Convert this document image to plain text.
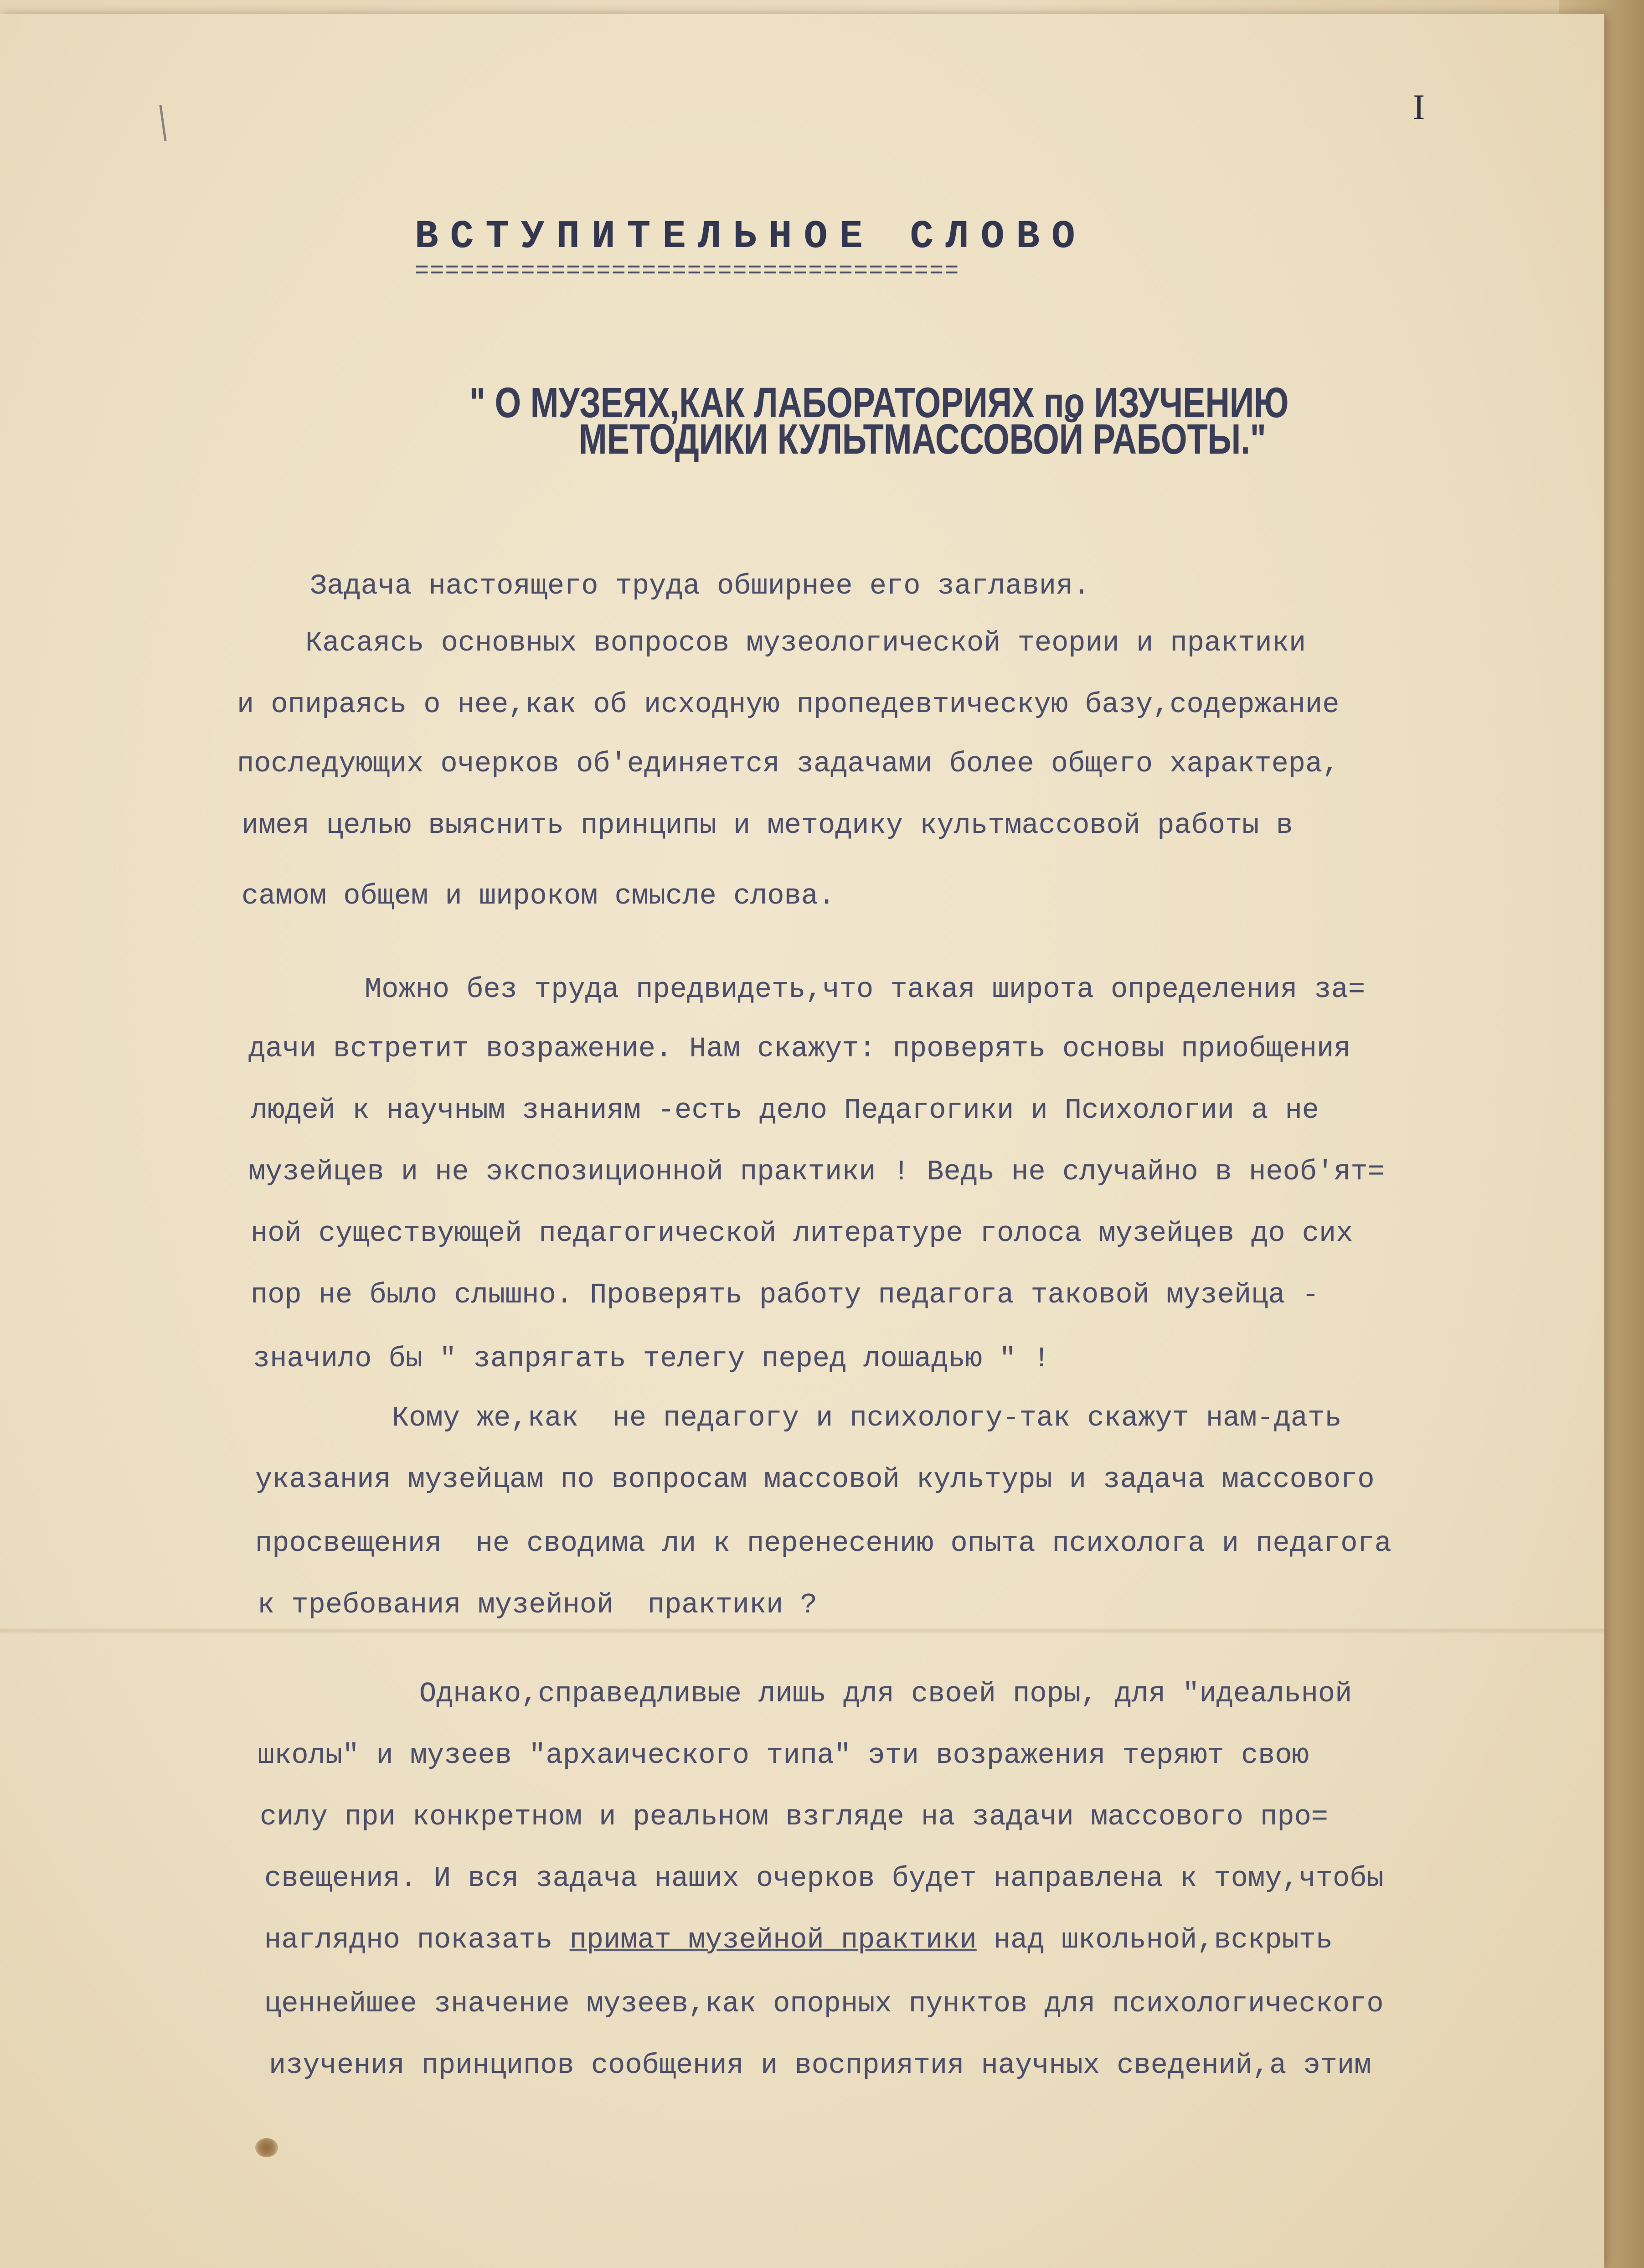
I
ВСТУПИТЕЛЬНОЕ СЛОВО
====================================
" О МУЗЕЯХ,КАК ЛАБОРАТОРИЯХ по ИЗУЧЕНИЮ
МЕТОДИКИ КУЛЬТМАССОВОЙ РАБОТЫ."
Задача настоящего труда обширнее его заглавия.
Касаясь основных вопросов музеологической теории и практики
и опираясь о нее,как об исходную пропедевтическую базу,содержание
последующих очерков об'единяется задачами более общего характера,
имея целью выяснить принципы и методику культмассовой работы в
самом общем и широком смысле слова.
Можно без труда предвидеть,что такая широта определения за=
дачи встретит возражение. Нам скажут: проверять основы приобщения
людей к научным знаниям -есть дело Педагогики и Психологии а не
музейцев и не экспозиционной практики ! Ведь не случайно в необ'ят=
ной существующей педагогической литературе голоса музейцев до сих
пор не было слышно. Проверять работу педагога таковой музейца -
значило бы " запрягать телегу перед лошадью " !
Кому же,как  не педагогу и психологу-так скажут нам-дать
указания музейцам по вопросам массовой культуры и задача массового
просвещения  не сводима ли к перенесению опыта психолога и педагога
к требования музейной  практики ?
Однако,справедливые лишь для своей поры, для "идеальной
школы" и музеев "архаического типа" эти возражения теряют свою
силу при конкретном и реальном взгляде на задачи массового про=
свещения. И вся задача наших очерков будет направлена к тому,чтобы
наглядно показать примат музейной практики над школьной,вскрыть
ценнейшее значение музеев,как опорных пунктов для психологического
изучения принципов сообщения и восприятия научных сведений,а этим
